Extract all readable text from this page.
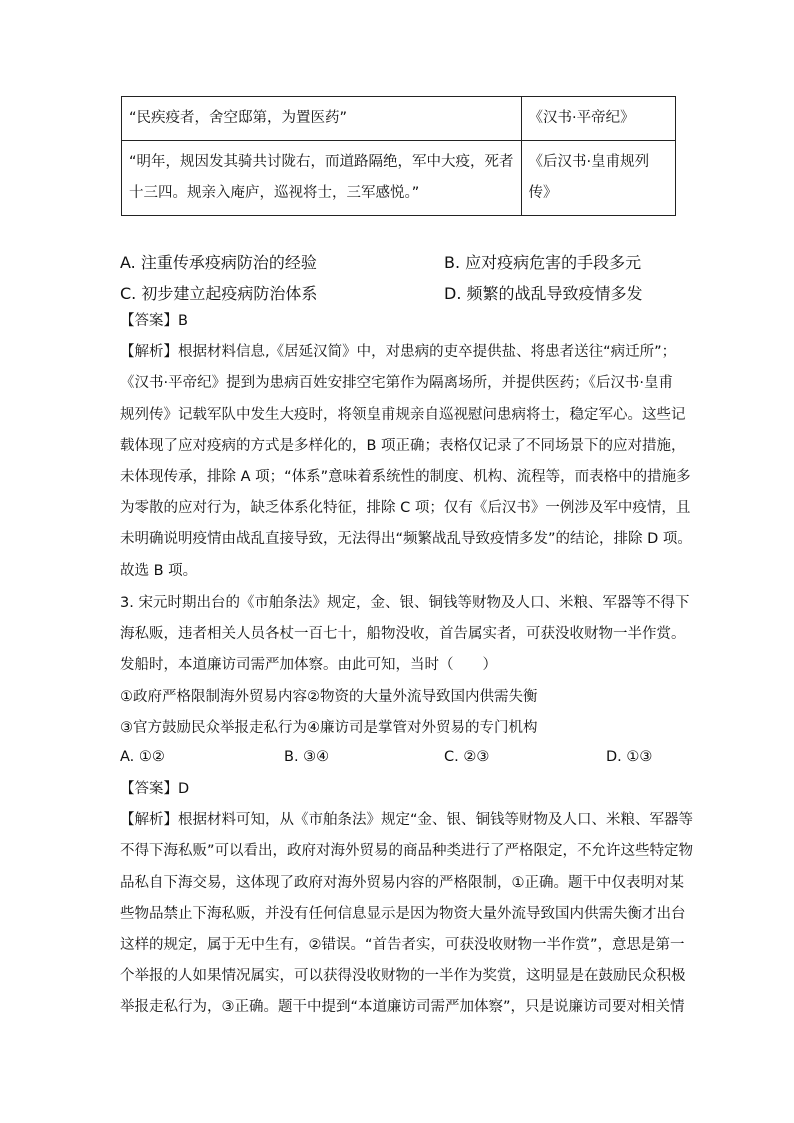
“民疾疫者，舍空邸第，为置医药”	《汉书·平帝纪》

“明年，规因发其骑共讨陇右，而道路隔绝，军中大疫，死者
十三四。规亲入庵庐，巡视将士，三军感悦。”	《后汉书·皇甫规列
传》
A. 注重传承疫病防治的经验	B. 应对疫病危害的手段多元
C. 初步建立起疫病防治体系	D. 频繁的战乱导致疫情多发
【答案】B
【解析】根据材料信息,《居延汉简》中，对患病的吏卒提供盐、将患者送往“病迁所”；
《汉书·平帝纪》提到为患病百姓安排空宅第作为隔离场所，并提供医药；《后汉书·皇甫
规列传》记载军队中发生大疫时，将领皇甫规亲自巡视慰问患病将士，稳定军心。这些记
载体现了应对疫病的方式是多样化的，B 项正确；表格仅记录了不同场景下的应对措施，
未体现传承，排除 A 项；“体系”意味着系统性的制度、机构、流程等，而表格中的措施多
为零散的应对行为，缺乏体系化特征，排除 C 项；仅有《后汉书》一例涉及军中疫情，且
未明确说明疫情由战乱直接导致，无法得出“频繁战乱导致疫情多发”的结论，排除 D 项。
故选 B 项。
3. 宋元时期出台的《市舶条法》规定，金、银、铜钱等财物及人口、米粮、军器等不得下
海私贩，违者相关人员各杖一百七十，船物没收，首告属实者，可获没收财物一半作赏。
发船时，本道廉访司需严加体察。由此可知，当时（　　）
①政府严格限制海外贸易内容②物资的大量外流导致国内供需失衡
③官方鼓励民众举报走私行为④廉访司是掌管对外贸易的专门机构
A. ①②	B. ③④	C. ②③	D. ①③
【答案】D
【解析】根据材料可知，从《市舶条法》规定“金、银、铜钱等财物及人口、米粮、军器等
不得下海私贩”可以看出，政府对海外贸易的商品种类进行了严格限定，不允许这些特定物
品私自下海交易，这体现了政府对海外贸易内容的严格限制，①正确。题干中仅表明对某
些物品禁止下海私贩，并没有任何信息显示是因为物资大量外流导致国内供需失衡才出台
这样的规定，属于无中生有，②错误。“首告者实，可获没收财物一半作赏”，意思是第一
个举报的人如果情况属实，可以获得没收财物的一半作为奖赏，这明显是在鼓励民众积极
举报走私行为，③正确。题干中提到“本道廉访司需严加体察”，只是说廉访司要对相关情
